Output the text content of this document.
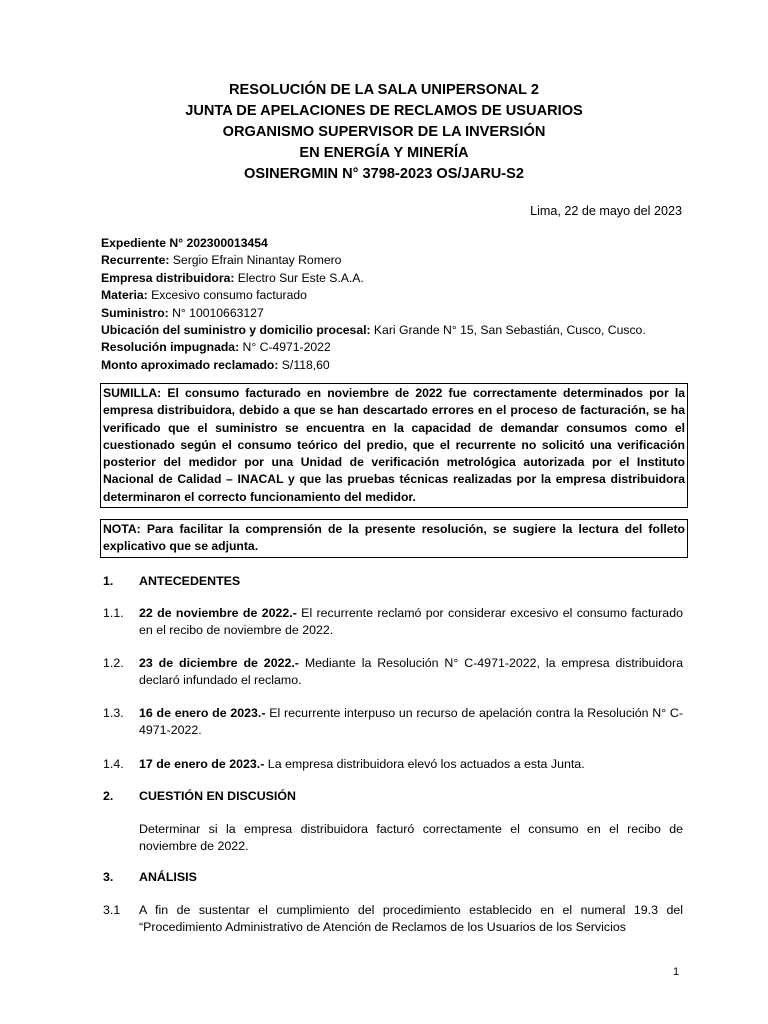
RESOLUCIÓN DE LA SALA UNIPERSONAL 2
JUNTA DE APELACIONES DE RECLAMOS DE USUARIOS
ORGANISMO SUPERVISOR DE LA INVERSIÓN
EN ENERGÍA Y MINERÍA
OSINERGMIN N° 3798-2023 OS/JARU-S2
Lima, 22 de mayo del 2023
Expediente N° 202300013454
Recurrente: Sergio Efrain Ninantay Romero
Empresa distribuidora: Electro Sur Este S.A.A.
Materia: Excesivo consumo facturado
Suministro: N° 10010663127
Ubicación del suministro y domicilio procesal: Kari Grande N° 15, San Sebastián, Cusco, Cusco.
Resolución impugnada: N° C-4971-2022
Monto aproximado reclamado: S/118,60
SUMILLA: El consumo facturado en noviembre de 2022 fue correctamente determinados por la empresa distribuidora, debido a que se han descartado errores en el proceso de facturación, se ha verificado que el suministro se encuentra en la capacidad de demandar consumos como el cuestionado según el consumo teórico del predio, que el recurrente no solicitó una verificación posterior del medidor por una Unidad de verificación metrológica autorizada por el Instituto Nacional de Calidad – INACAL y que las pruebas técnicas realizadas por la empresa distribuidora determinaron el correcto funcionamiento del medidor.
NOTA: Para facilitar la comprensión de la presente resolución, se sugiere la lectura del folleto explicativo que se adjunta.
1. ANTECEDENTES
1.1. 22 de noviembre de 2022.- El recurrente reclamó por considerar excesivo el consumo facturado en el recibo de noviembre de 2022.
1.2. 23 de diciembre de 2022.- Mediante la Resolución N° C-4971-2022, la empresa distribuidora declaró infundado el reclamo.
1.3. 16 de enero de 2023.- El recurrente interpuso un recurso de apelación contra la Resolución N° C-4971-2022.
1.4. 17 de enero de 2023.- La empresa distribuidora elevó los actuados a esta Junta.
2. CUESTIÓN EN DISCUSIÓN
Determinar si la empresa distribuidora facturó correctamente el consumo en el recibo de noviembre de 2022.
3. ANÁLISIS
3.1 A fin de sustentar el cumplimiento del procedimiento establecido en el numeral 19.3 del “Procedimiento Administrativo de Atención de Reclamos de los Usuarios de los Servicios
1
